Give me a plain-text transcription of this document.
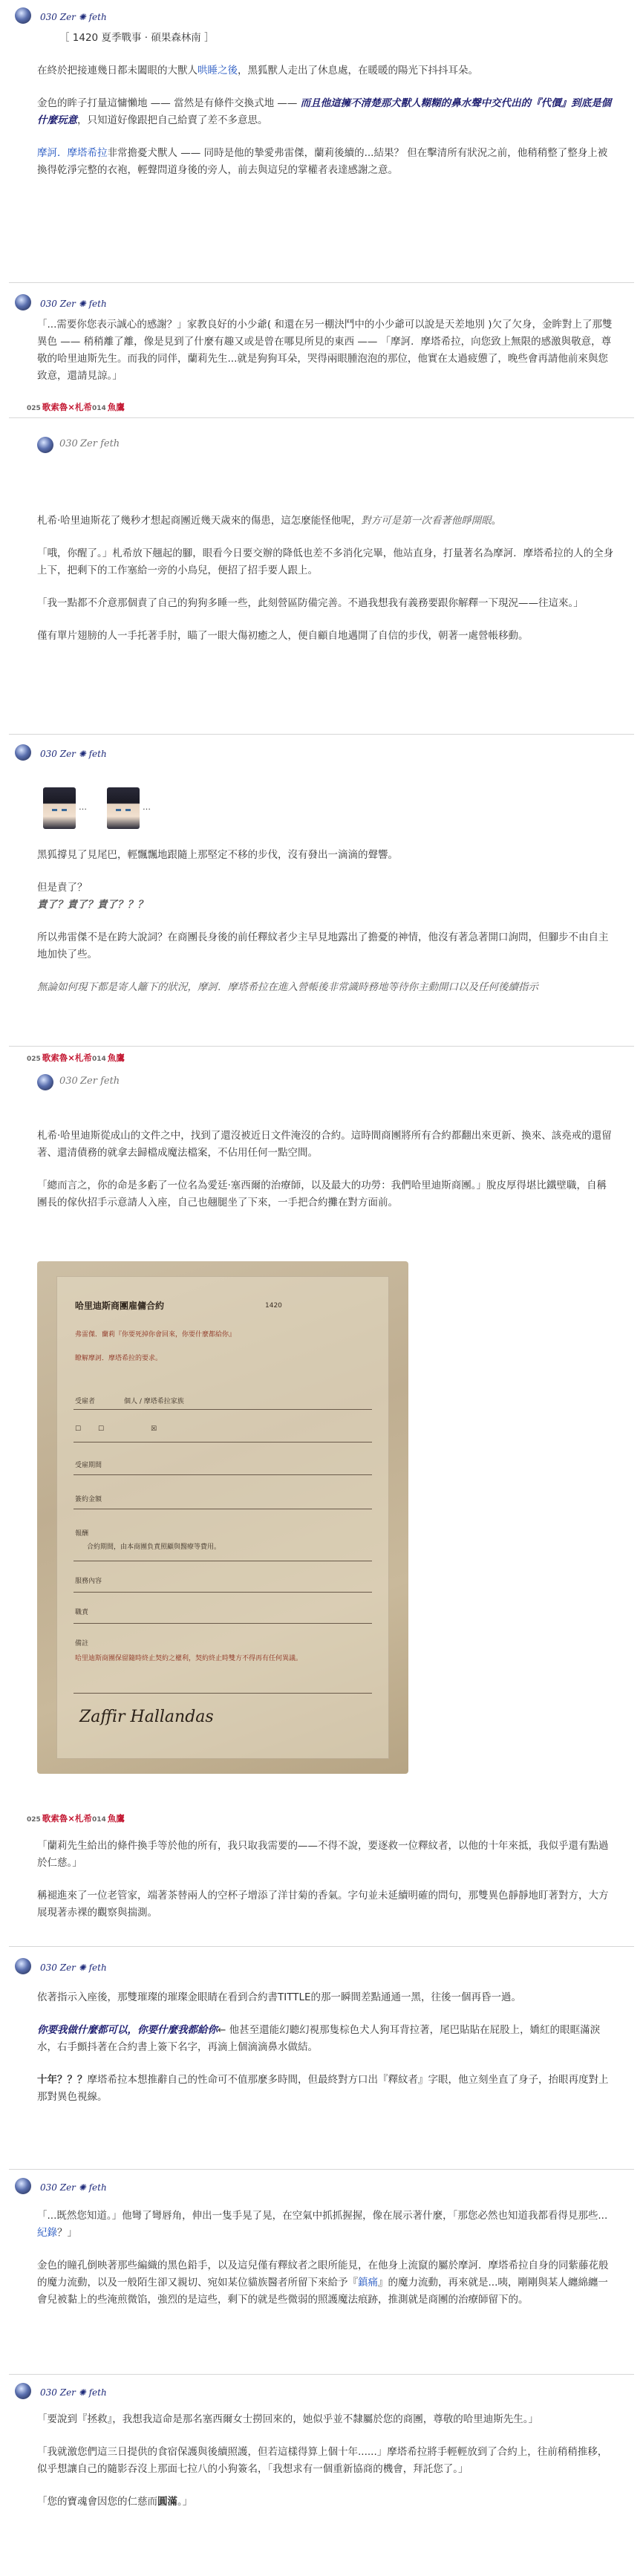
030 Zer ✺ feth

［ 1420 夏季戰事 · 碩果森林南 ］

在終於把接連幾日都未闔眼的大獸人哄睡之後，黑狐獸人走出了休息處，在暖暖的陽光下抖抖耳朵。

金色的眸子打量這慵懶地 —— 當然是有條件交換式地 —— 而且他這擁不清楚那犬獸人糊糊的鼻水聲中交代出的『代價』到底是個什麼玩意，只知道好像跟把自己給賣了差不多意思。

摩訶．摩塔希拉非常擔憂犬獸人 —— 同時是他的摯愛弗雷傑，蘭莉後續的...結果？ 但在擊清所有狀況之前，他稍稍整了整身上被換得乾淨完整的衣袍，輕聲問道身後的旁人，前去與這兒的掌權者表達感謝之意。

030 Zer ✺ feth

「...需要你您表示誠心的感謝？」家教良好的小少爺( 和還在另一棚決鬥中的小少爺可以說是天差地別 )欠了欠身，金眸對上了那雙異色 —— 稍稍離了離，像是見到了什麼有趣又或是曾在哪見所見的東西 —— 「摩訶．摩塔希拉，向您致上無限的感激與敬意，尊敬的哈里迪斯先生。而我的同伴，蘭莉先生...就是狗狗耳朵，哭得兩眼腫泡泡的那位，他實在太過疲憊了，晚些會再請他前來與您致意，還請見諒。」

025 歌索魯×札希014 魚鷹
030 Zer feth

札希·哈里迪斯花了幾秒才想起商團近幾天歲來的傷患，這怎麼能怪他呢，對方可是第一次看著他睜開眼。

「哦，你醒了。」札希放下翹起的腳，眼看今日要交辦的降低也差不多消化完畢，他站直身，打量著名為摩訶．摩塔希拉的人的全身上下，把剩下的工作塞給一旁的小鳥兒，便招了招手要人跟上。

「我一點都不介意那個責了自己的狗狗多睡一些，此刻營區防備完善。不過我想我有義務要跟你解釋一下現況——往這來。」

僅有單片翅膀的人一手托著手肘，瞄了一眼大傷初癒之人，便自顧自地邁開了自信的步伐，朝著一處營帳移動。

030 Zer ✺ feth
…	…

黑狐撐見了見尾巴，輕飄飄地跟隨上那堅定不移的步伐，沒有發出一滴滴的聲響。

但是責了？

責了？責了？責了？？？

所以弗雷傑不是在跨大說詞？在商團長身後的前任釋紋者少主早見地露出了擔憂的神情，他沒有著急著開口詢問，但腳步不由自主地加快了些。

無論如何現下都是寄人籬下的狀況，摩訶．摩塔希拉在進入營帳後非常識時務地等待你主動開口以及任何後續指示

025 歌索魯×札希014 魚鷹
030 Zer feth

札希·哈里迪斯從成山的文件之中，找到了還沒被近日文件淹沒的合約。這時間商團將所有合約都翻出來更新、換來、該堯戒的還留著、還清債務的就拿去歸檔成魔法檔案，不佔用任何一點空間。

「總而言之，你的命是多虧了一位名為愛廷·塞西爾的治療師，以及最大的功勞：我們哈里迪斯商團。」脫皮厚得堪比鐵壁職，自稱團長的傢伙招手示意請人入座，自己也翹腿坐了下來，一手把合約攤在對方面前。

哈里迪斯商團雇傭合約	1420
弗雷傑．蘭莉『你要死掉你會回來，你要什麼都給你』
瞭解摩訶．摩塔希拉的要求。
受雇者	個人 / 摩塔希拉家族
☐        ☐                      ☒
受雇期間
簽約金額
報酬
合約期間，由本商團負責照顧與醫療等費用。
服務內容
職責
備註
哈里迪斯商團保留隨時終止契約之權利，契約終止時雙方不得再有任何異議。
Zaffir Hallandas
025 歌索魯×札希014 魚鷹

「蘭莉先生給出的條件換手等於他的所有，我只取我需要的——不得不說，要逐救一位釋紋者，以他的十年來抵，我似乎還有點過於仁慈。」

稱褪進來了一位老管家，端著茶替兩人的空杯子增添了洋甘菊的香氣。字句並未延續明確的問句，那雙異色靜靜地盯著對方，大方展現著赤裸的觀察與揣測。

030 Zer ✺ feth

依著指示入座後，那雙璀璨的璀璨金眼睛在看到合約書TITTLE的那一瞬間差點通通一黑，往後一個再昏一過。

你要我做什麼都可以，你要什麼我都給你← 他甚至還能幻聽幻視那隻棕色犬人狗耳背拉著，尾巴貼貼在屁股上，嬌紅的眼眶滿淚水，右手顫抖著在合約書上簽下名字，再滴上個滴滴鼻水做結。

十年？？？摩塔希拉本想推辭自己的性命可不值那麼多時間，但最終對方口出『釋紋者』字眼，他立刻坐直了身子，抬眼再度對上那對異色視線。

030 Zer ✺ feth

「...既然您知道。」他彎了彎唇角，伸出一隻手晃了晃，在空氣中抓抓握握，像在展示著什麼，「那您必然也知道我都看得見那些...紀錄？」

金色的瞳孔倒映著那些編織的黑色鉛手，以及這兒僅有釋紋者之眼所能見，在他身上流竄的屬於摩訶．摩塔希拉自身的同紫藤花般的魔力流動，以及一般陌生卻又親切、宛如某位貓族醫者所留下來給予『鎮痛』的魔力流動，再來就是...咦，剛剛與某人纏綿纏一會兒被黏上的些淹煎微馅，強烈的是這些，剩下的就是些微弱的照護魔法痕跡，推測就是商團的治療師留下的。

030 Zer ✺ feth

「要說到『拯救』，我想我這命是那名塞西爾女士撈回來的，她似乎並不隸屬於您的商團，尊敬的哈里迪斯先生。」

「我就激您們這三日提供的食宿保護與後續照護，但若這樣得算上個十年......」摩塔希拉將手輕輕放到了合約上，往前稍稍推移，似乎想讓自己的隨影吞沒上那面七拉八的小狗簽名，「我想求有一個重新協商的機會，拜託您了。」

「您的寶魂會因您的仁慈而圓滿。」
